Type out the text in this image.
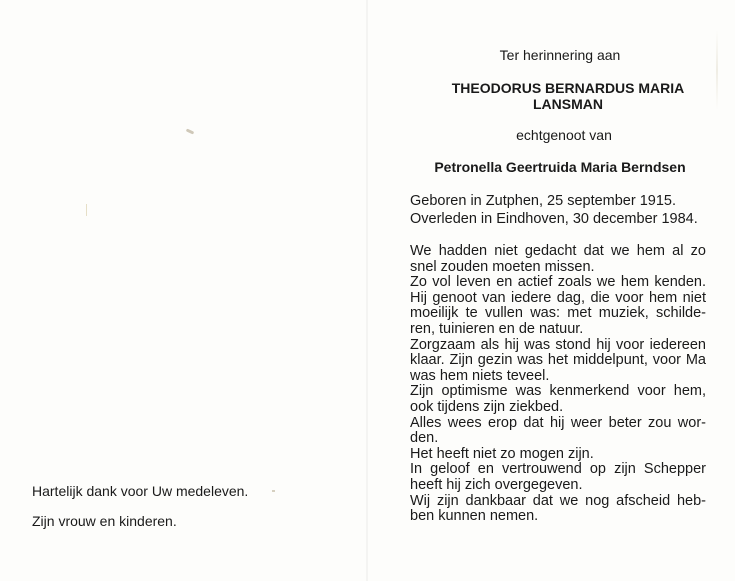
Ter herinnering aan

THEODORUS BERNARDUS MARIA
LANSMAN
echtgenoot van
Petronella Geertruida Maria Berndsen
Geboren in Zutphen, 25 september 1915.
Overleden in Eindhoven, 30 december 1984.
We hadden niet gedacht dat we hem al zo
snel zouden moeten missen.
Zo vol leven en actief zoals we hem kenden.
Hij genoot van iedere dag, die voor hem niet
moeilijk te vullen was: met muziek, schilde-
ren, tuinieren en de natuur.
Zorgzaam als hij was stond hij voor iedereen
klaar. Zijn gezin was het middelpunt, voor Ma
was hem niets teveel.
Zijn optimisme was kenmerkend voor hem,
ook tijdens zijn ziekbed.
Alles wees erop dat hij weer beter zou wor-
den.
Het heeft niet zo mogen zijn.
In geloof en vertrouwend op zijn Schepper
heeft hij zich overgegeven.
Wij zijn dankbaar dat we nog afscheid heb-
ben kunnen nemen.

Hartelijk dank voor Uw medeleven.

Zijn vrouw en kinderen.
